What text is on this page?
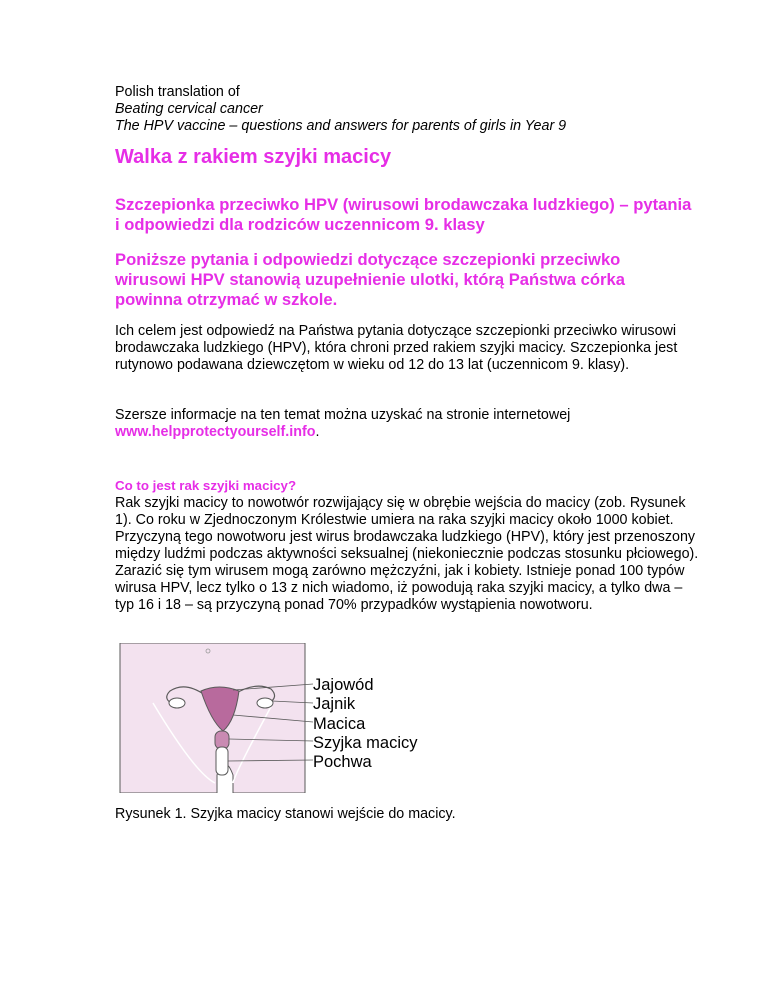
Polish translation of
Beating cervical cancer
The HPV vaccine – questions and answers for parents of girls in Year 9
Walka z rakiem szyjki macicy

Szczepionka przeciwko HPV (wirusowi brodawczaka ludzkiego) – pytania i odpowiedzi dla rodziców uczennicom 9. klasy

Poniższe pytania i odpowiedzi dotyczące szczepionki przeciwko wirusowi HPV stanowią uzupełnienie ulotki, którą Państwa córka powinna otrzymać w szkole.

Ich celem jest odpowiedź na Państwa pytania dotyczące szczepionki przeciwko wirusowi brodawczaka ludzkiego (HPV), która chroni przed rakiem szyjki macicy. Szczepionka jest rutynowo podawana dziewczętom w wieku od 12 do 13 lat (uczennicom 9. klasy).

Szersze informacje na ten temat można uzyskać na stronie internetowej www.helpprotectyourself.info.

Co to jest rak szyjki macicy?
Rak szyjki macicy to nowotwór rozwijający się w obrębie wejścia do macicy (zob. Rysunek 1). Co roku w Zjednoczonym Królestwie umiera na raka szyjki macicy około 1000 kobiet. Przyczyną tego nowotworu jest wirus brodawczaka ludzkiego (HPV), który jest przenoszony między ludźmi podczas aktywności seksualnej (niekoniecznie podczas stosunku płciowego). Zarazić się tym wirusem mogą zarówno mężczyźni, jak i kobiety. Istnieje ponad 100 typów wirusa HPV, lecz tylko o 13 z nich wiadomo, iż powodują raka szyjki macicy, a tylko dwa – typ 16 i 18 – są przyczyną ponad 70% przypadków wystąpienia nowotworu.

Jajowód
Jajnik
Macica
Szyjka macicy
Pochwa
Rysunek 1. Szyjka macicy stanowi wejście do macicy.
